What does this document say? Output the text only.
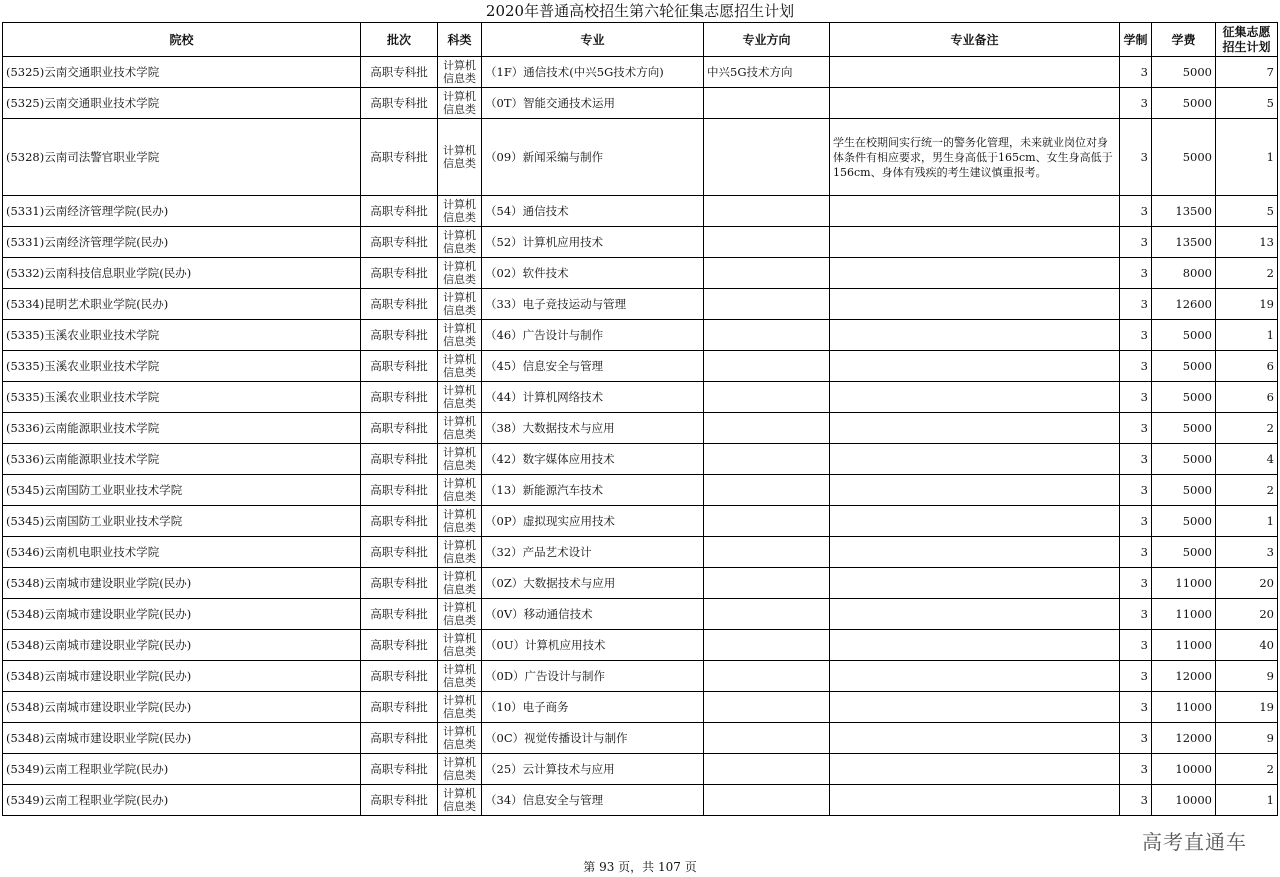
2020年普通高校招生第六轮征集志愿招生计划
院校	批次	科类	专业	专业方向	专业备注	学制	学费	征集志愿招生计划
(5325)云南交通职业技术学院	高职专科批	计算机信息类	（1F）通信技术(中兴5G技术方向)	中兴5G技术方向		3	5000	7
(5325)云南交通职业技术学院	高职专科批	计算机信息类	（0T）智能交通技术运用			3	5000	5
(5328)云南司法警官职业学院	高职专科批	计算机信息类	（09）新闻采编与制作		学生在校期间实行统一的警务化管理，未来就业岗位对身体条件有相应要求，男生身高低于165cm、女生身高低于156cm、身体有残疾的考生建议慎重报考。	3	5000	1
(5331)云南经济管理学院(民办)	高职专科批	计算机信息类	（54）通信技术			3	13500	5
(5331)云南经济管理学院(民办)	高职专科批	计算机信息类	（52）计算机应用技术			3	13500	13
(5332)云南科技信息职业学院(民办)	高职专科批	计算机信息类	（02）软件技术			3	8000	2
(5334)昆明艺术职业学院(民办)	高职专科批	计算机信息类	（33）电子竞技运动与管理			3	12600	19
(5335)玉溪农业职业技术学院	高职专科批	计算机信息类	（46）广告设计与制作			3	5000	1
(5335)玉溪农业职业技术学院	高职专科批	计算机信息类	（45）信息安全与管理			3	5000	6
(5335)玉溪农业职业技术学院	高职专科批	计算机信息类	（44）计算机网络技术			3	5000	6
(5336)云南能源职业技术学院	高职专科批	计算机信息类	（38）大数据技术与应用			3	5000	2
(5336)云南能源职业技术学院	高职专科批	计算机信息类	（42）数字媒体应用技术			3	5000	4
(5345)云南国防工业职业技术学院	高职专科批	计算机信息类	（13）新能源汽车技术			3	5000	2
(5345)云南国防工业职业技术学院	高职专科批	计算机信息类	（0P）虚拟现实应用技术			3	5000	1
(5346)云南机电职业技术学院	高职专科批	计算机信息类	（32）产品艺术设计			3	5000	3
(5348)云南城市建设职业学院(民办)	高职专科批	计算机信息类	（0Z）大数据技术与应用			3	11000	20
(5348)云南城市建设职业学院(民办)	高职专科批	计算机信息类	（0V）移动通信技术			3	11000	20
(5348)云南城市建设职业学院(民办)	高职专科批	计算机信息类	（0U）计算机应用技术			3	11000	40
(5348)云南城市建设职业学院(民办)	高职专科批	计算机信息类	（0D）广告设计与制作			3	12000	9
(5348)云南城市建设职业学院(民办)	高职专科批	计算机信息类	（10）电子商务			3	11000	19
(5348)云南城市建设职业学院(民办)	高职专科批	计算机信息类	（0C）视觉传播设计与制作			3	12000	9
(5349)云南工程职业学院(民办)	高职专科批	计算机信息类	（25）云计算技术与应用			3	10000	2
(5349)云南工程职业学院(民办)	高职专科批	计算机信息类	（34）信息安全与管理			3	10000	1
高考直通车
第 93 页，共 107 页
